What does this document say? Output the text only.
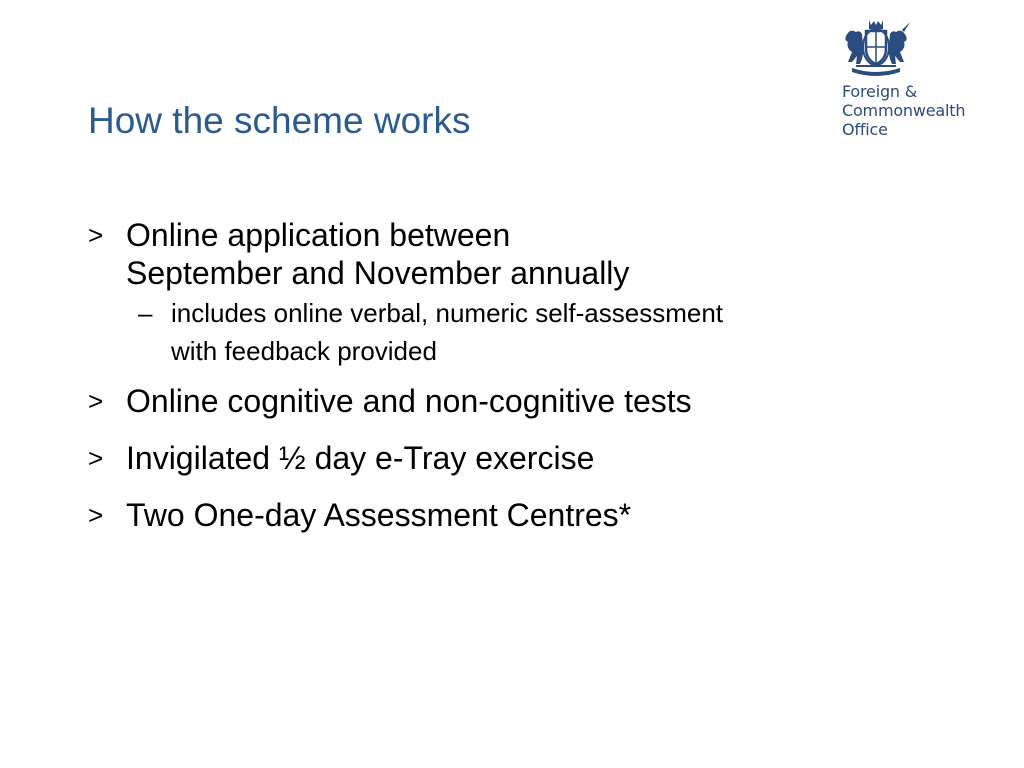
How the scheme works
Foreign &
Commonwealth
Office
> Online application between
September and November annually
– includes online verbal, numeric self-assessment
with feedback provided
> Online cognitive and non-cognitive tests
> Invigilated ½ day e-Tray exercise
> Two One-day Assessment Centres*
